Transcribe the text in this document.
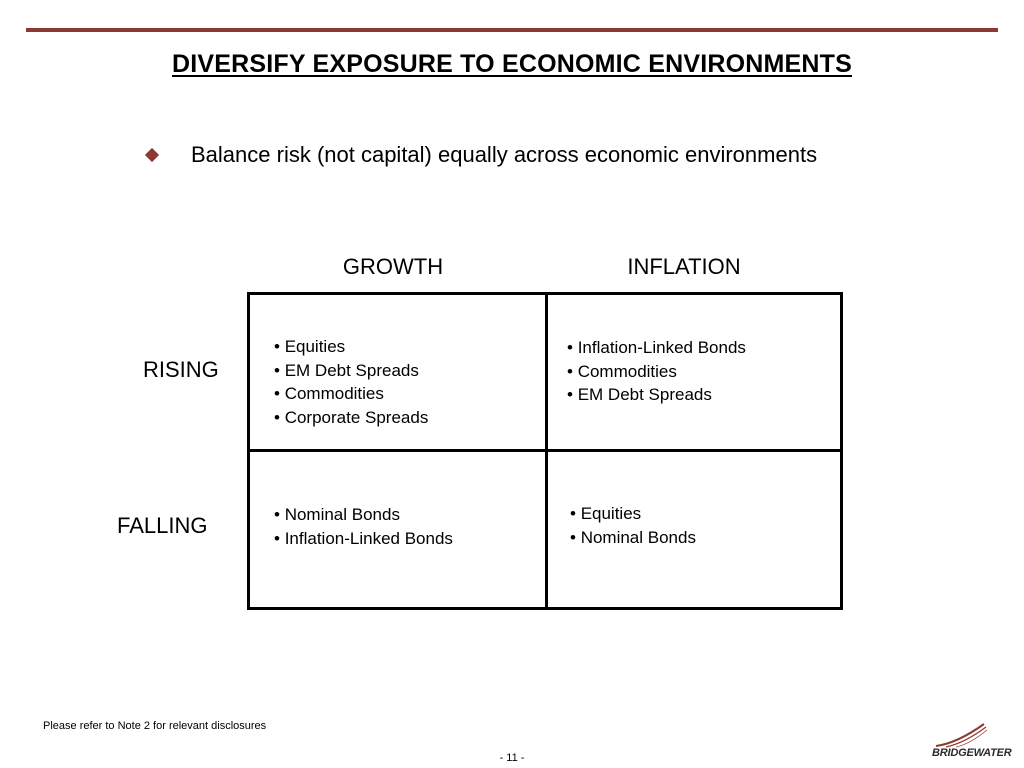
DIVERSIFY EXPOSURE TO ECONOMIC ENVIRONMENTS
Balance risk (not capital) equally across economic environments
GROWTH	INFLATION
RISING
FALLING
• Equities
• EM Debt Spreads
• Commodities
• Corporate Spreads
• Inflation-Linked Bonds
• Commodities
• EM Debt Spreads
• Nominal Bonds
• Inflation-Linked Bonds
• Equities
• Nominal Bonds
Please refer to Note 2 for relevant disclosures
- 11 -	BRIDGEWATER
